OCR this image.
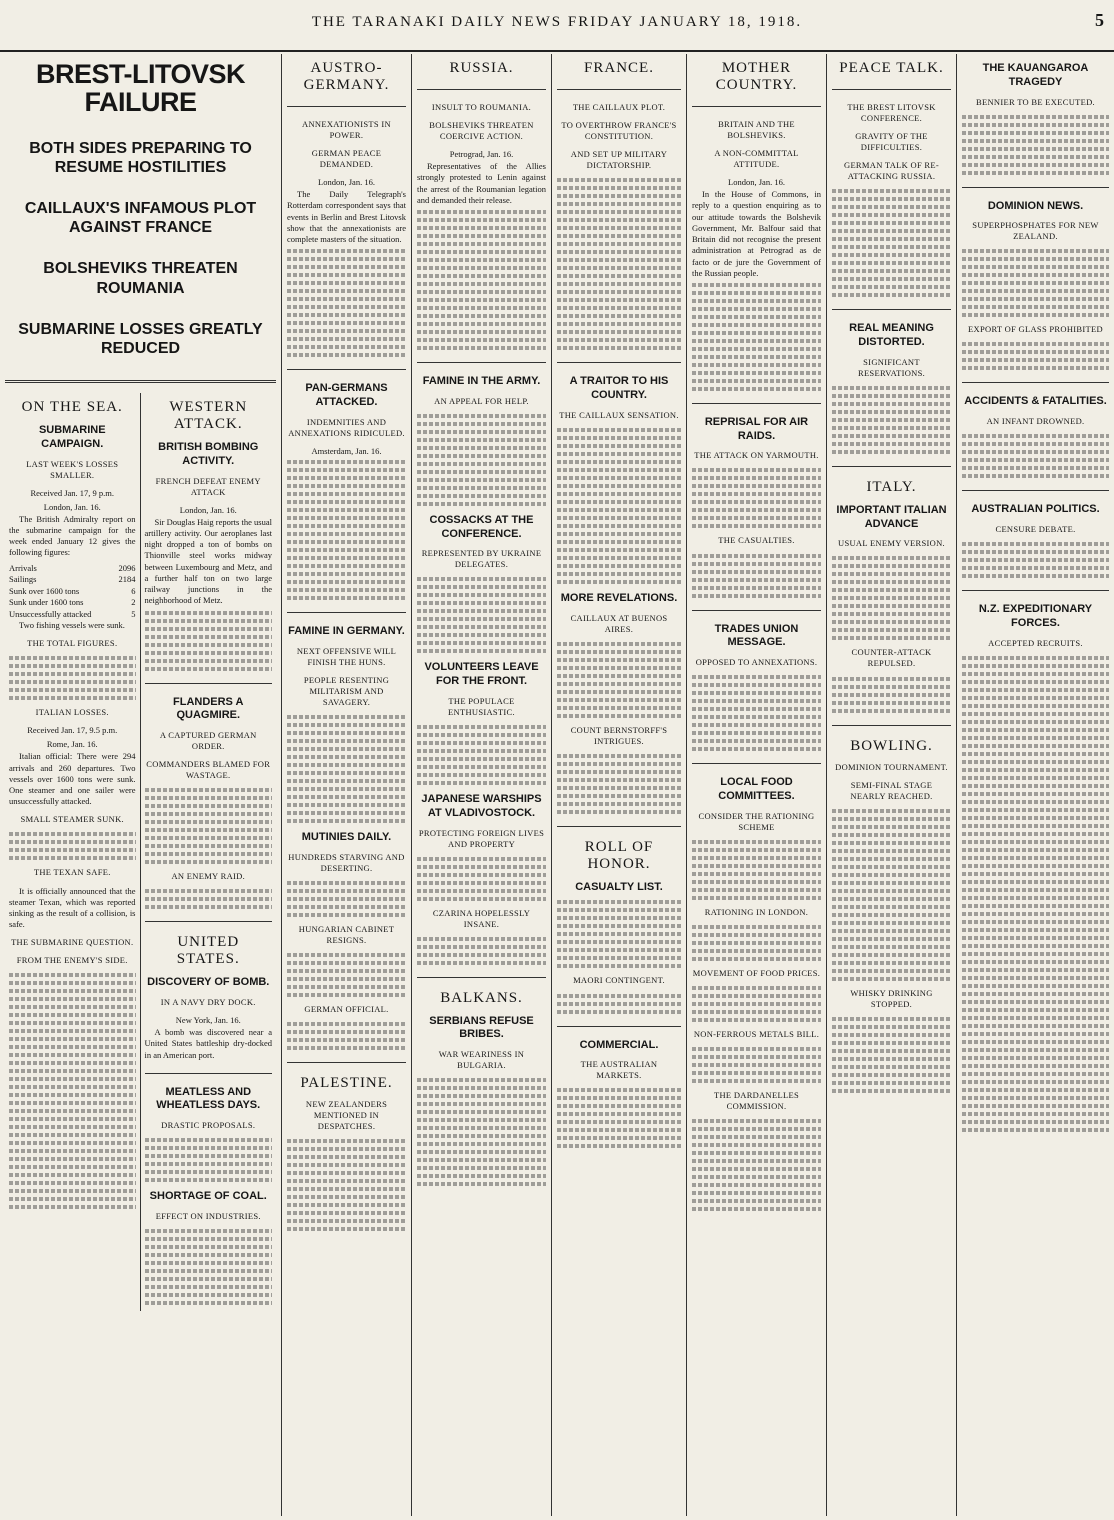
THE TARANAKI DAILY NEWS FRIDAY JANUARY 18, 1918.	5
BREST-LITOVSK FAILURE
BOTH SIDES PREPARING TO RESUME HOSTILITIES
CAILLAUX'S INFAMOUS PLOT AGAINST FRANCE
BOLSHEVIKS THREATEN ROUMANIA
SUBMARINE LOSSES GREATLY REDUCED
ON THE SEA.
SUBMARINE CAMPAIGN.
LAST WEEK'S LOSSES SMALLER.
Received Jan. 17, 9 p.m.
London, Jan. 16.

The British Admiralty report on the submarine campaign for the week ended January 12 gives the following figures:

Arrivals	2096
Sailings	2184
Sunk over 1600 tons	6
Sunk under 1600 tons	2
Unsuccessfully attacked	5

Two fishing vessels were sunk.

THE TOTAL FIGURES.
ITALIAN LOSSES.
Received Jan. 17, 9.5 p.m.
Rome, Jan. 16.

Italian official: There were 294 arrivals and 260 departures. Two vessels over 1600 tons were sunk. One steamer and one sailer were unsuccessfully attacked.

SMALL STEAMER SUNK.
THE TEXAN SAFE.

It is officially announced that the steamer Texan, which was reported sinking as the result of a collision, is safe.

THE SUBMARINE QUESTION.
FROM THE ENEMY'S SIDE.
WESTERN ATTACK.
BRITISH BOMBING ACTIVITY.
FRENCH DEFEAT ENEMY ATTACK
London, Jan. 16.

Sir Douglas Haig reports the usual artillery activity. Our aeroplanes last night dropped a ton of bombs on Thionville steel works midway between Luxembourg and Metz, and a further half ton on two large railway junctions in the neighborhood of Metz.

FLANDERS A QUAGMIRE.
A CAPTURED GERMAN ORDER.
COMMANDERS BLAMED FOR WASTAGE.
AN ENEMY RAID.
UNITED STATES.
DISCOVERY OF BOMB.
IN A NAVY DRY DOCK.
New York, Jan. 16.

A bomb was discovered near a United States battleship dry-docked in an American port.

MEATLESS AND WHEATLESS DAYS.
DRASTIC PROPOSALS.
SHORTAGE OF COAL.
EFFECT ON INDUSTRIES.
AUSTRO-GERMANY.
ANNEXATIONISTS IN POWER.
GERMAN PEACE DEMANDED.
London, Jan. 16.

The Daily Telegraph's Rotterdam correspondent says that events in Berlin and Brest Litovsk show that the annexationists are complete masters of the situation.

PAN-GERMANS ATTACKED.
INDEMNITIES AND ANNEXATIONS RIDICULED.
Amsterdam, Jan. 16.
FAMINE IN GERMANY.
NEXT OFFENSIVE WILL FINISH THE HUNS.
PEOPLE RESENTING MILITARISM AND SAVAGERY.
MUTINIES DAILY.
HUNDREDS STARVING AND DESERTING.
HUNGARIAN CABINET RESIGNS.
GERMAN OFFICIAL.
PALESTINE.
NEW ZEALANDERS MENTIONED IN DESPATCHES.
RUSSIA.
INSULT TO ROUMANIA.
BOLSHEVIKS THREATEN COERCIVE ACTION.
Petrograd, Jan. 16.

Representatives of the Allies strongly protested to Lenin against the arrest of the Roumanian legation and demanded their release.

FAMINE IN THE ARMY.
AN APPEAL FOR HELP.
COSSACKS AT THE CONFERENCE.
REPRESENTED BY UKRAINE DELEGATES.
VOLUNTEERS LEAVE FOR THE FRONT.
THE POPULACE ENTHUSIASTIC.
JAPANESE WARSHIPS AT VLADIVOSTOCK.
PROTECTING FOREIGN LIVES AND PROPERTY
CZARINA HOPELESSLY INSANE.
BALKANS.
SERBIANS REFUSE BRIBES.
WAR WEARINESS IN BULGARIA.
FRANCE.
THE CAILLAUX PLOT.
TO OVERTHROW FRANCE'S CONSTITUTION.
AND SET UP MILITARY DICTATORSHIP.
A TRAITOR TO HIS COUNTRY.
THE CAILLAUX SENSATION.
MORE REVELATIONS.
CAILLAUX AT BUENOS AIRES.
COUNT BERNSTORFF'S INTRIGUES.
ROLL OF HONOR.
CASUALTY LIST.
MAORI CONTINGENT.
COMMERCIAL.
THE AUSTRALIAN MARKETS.
MOTHER COUNTRY.
BRITAIN AND THE BOLSHEVIKS.
A NON-COMMITTAL ATTITUDE.
London, Jan. 16.

In the House of Commons, in reply to a question enquiring as to our attitude towards the Bolshevik Government, Mr. Balfour said that Britain did not recognise the present administration at Petrograd as de facto or de jure the Government of the Russian people.

REPRISAL FOR AIR RAIDS.
THE ATTACK ON YARMOUTH.
THE CASUALTIES.
TRADES UNION MESSAGE.
OPPOSED TO ANNEXATIONS.
LOCAL FOOD COMMITTEES.
CONSIDER THE RATIONING SCHEME
RATIONING IN LONDON.
MOVEMENT OF FOOD PRICES.
NON-FERROUS METALS BILL.
THE DARDANELLES COMMISSION.
PEACE TALK.
THE BREST LITOVSK CONFERENCE.
GRAVITY OF THE DIFFICULTIES.
GERMAN TALK OF RE-ATTACKING RUSSIA.
REAL MEANING DISTORTED.
SIGNIFICANT RESERVATIONS.
ITALY.
IMPORTANT ITALIAN ADVANCE
USUAL ENEMY VERSION.
COUNTER-ATTACK REPULSED.
BOWLING.
DOMINION TOURNAMENT.
SEMI-FINAL STAGE NEARLY REACHED.
WHISKY DRINKING STOPPED.
THE KAUANGAROA TRAGEDY
BENNIER TO BE EXECUTED.
DOMINION NEWS.
SUPERPHOSPHATES FOR NEW ZEALAND.
EXPORT OF GLASS PROHIBITED
ACCIDENTS & FATALITIES.
AN INFANT DROWNED.
AUSTRALIAN POLITICS.
CENSURE DEBATE.
N.Z. EXPEDITIONARY FORCES.
ACCEPTED RECRUITS.
